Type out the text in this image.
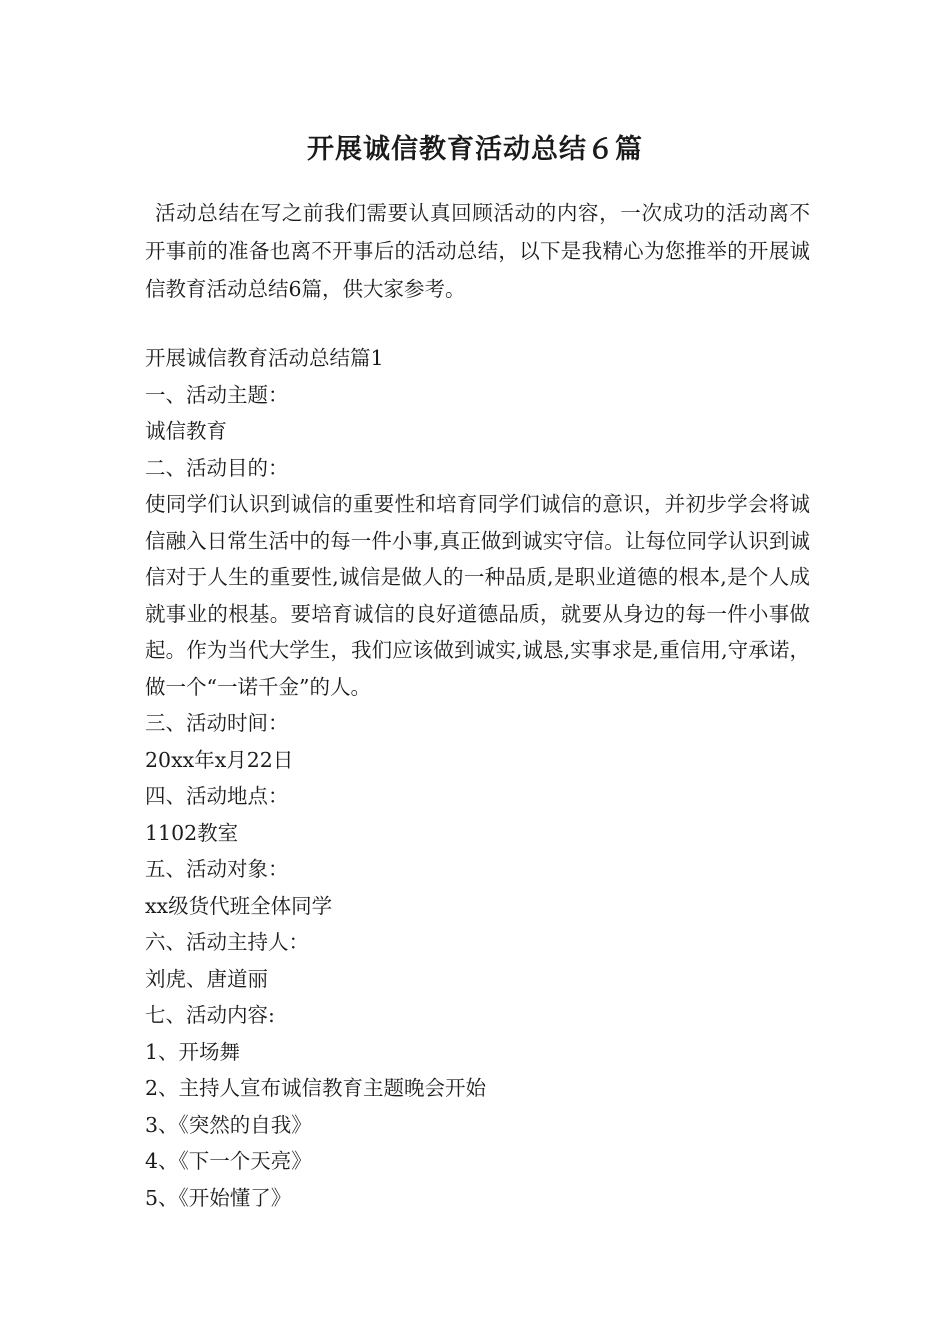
开展诚信教育活动总结６篇

活动总结在写之前我们需要认真回顾活动的内容，一次成功的活动离不开事前的准备也离不开事后的活动总结，以下是我精心为您推举的开展诚信教育活动总结6篇，供大家参考。

开展诚信教育活动总结篇1

一、活动主题：

诚信教育

二、活动目的：

使同学们认识到诚信的重要性和培育同学们诚信的意识，并初步学会将诚信融入日常生活中的每一件小事,真正做到诚实守信。让每位同学认识到诚信对于人生的重要性,诚信是做人的一种品质,是职业道德的根本,是个人成就事业的根基。要培育诚信的良好道德品质，就要从身边的每一件小事做起。作为当代大学生，我们应该做到诚实,诚恳,实事求是,重信用,守承诺，做一个“一诺千金”的人。

三、活动时间：

20xx年x月22日

四、活动地点：

1102教室

五、活动对象：

xx级货代班全体同学

六、活动主持人：

刘虎、唐道丽

七、活动内容:

1、开场舞

2、主持人宣布诚信教育主题晚会开始

3、《突然的自我》

4、《下一个天亮》

5、《开始懂了》
